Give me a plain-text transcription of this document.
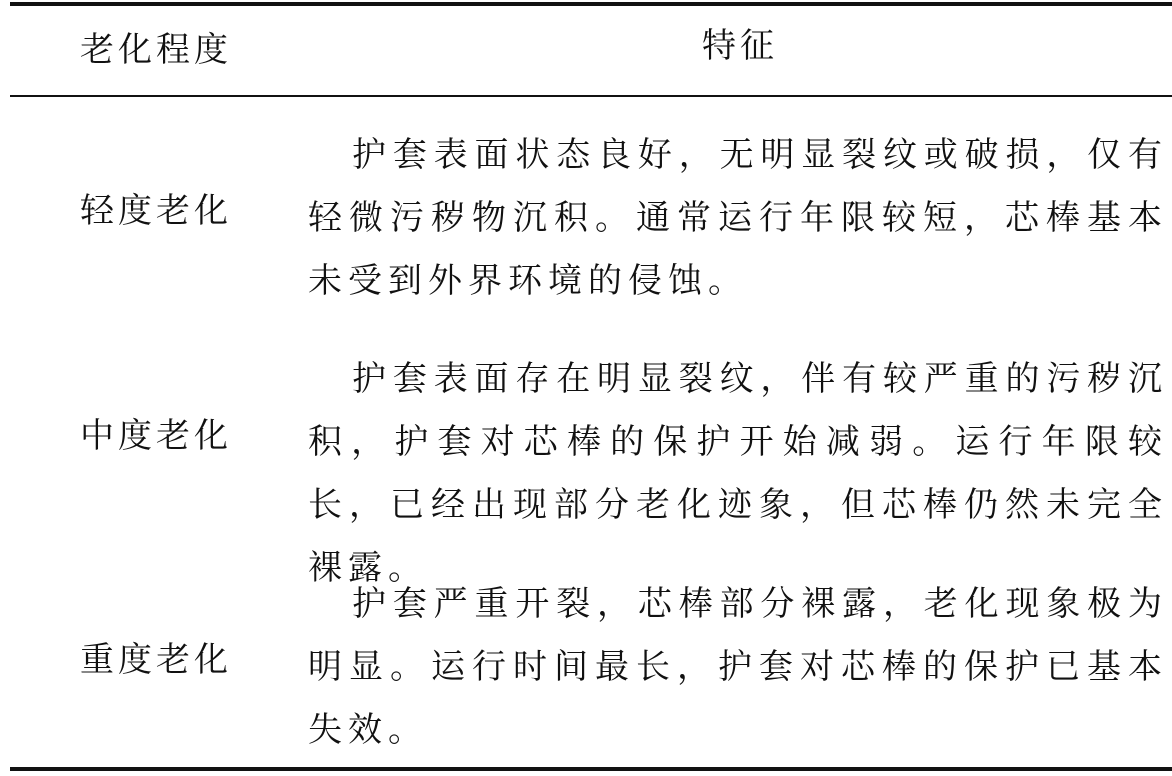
老化程度	特征
轻度老化
护套表面状态良好，无明显裂纹或破损，仅有轻微污秽物沉积。通常运行年限较短，芯棒基本未受到外界环境的侵蚀。
中度老化
护套表面存在明显裂纹，伴有较严重的污秽沉积，护套对芯棒的保护开始减弱。运行年限较长，已经出现部分老化迹象，但芯棒仍然未完全裸露。
重度老化
护套严重开裂，芯棒部分裸露，老化现象极为明显。运行时间最长，护套对芯棒的保护已基本失效。
